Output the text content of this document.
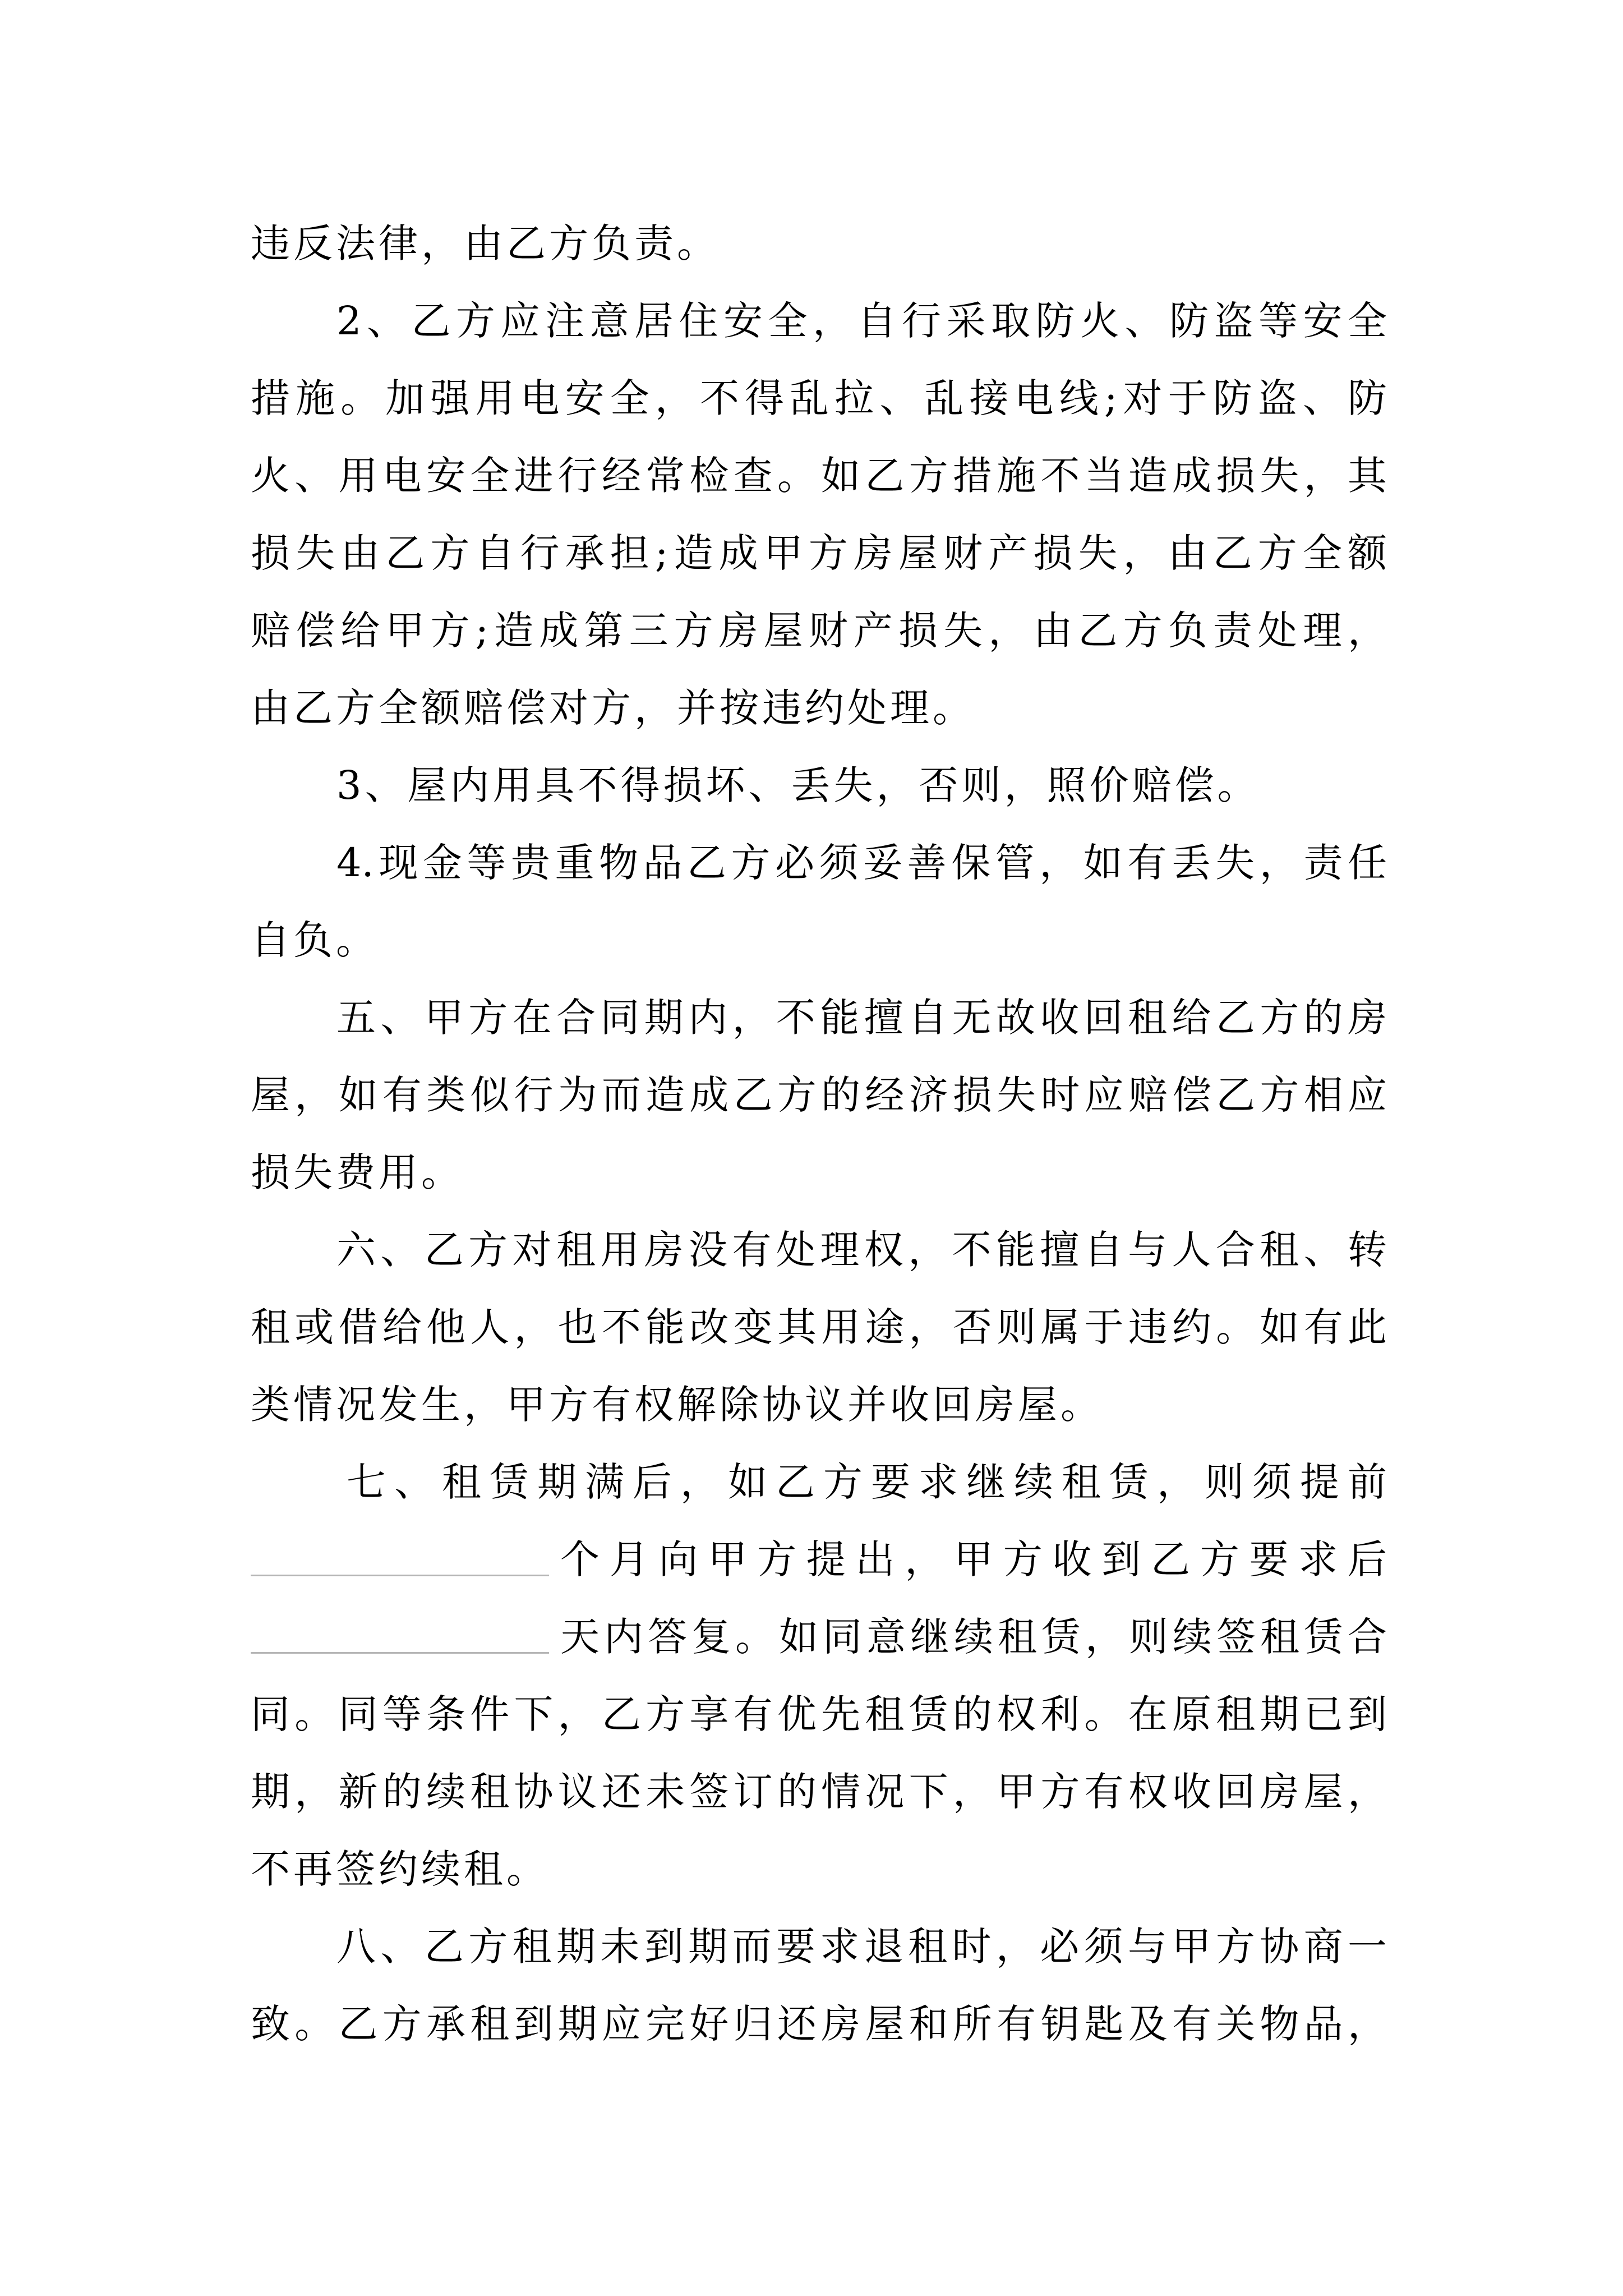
违反法律，由乙方负责。
2、乙方应注意居住安全，自行采取防火、防盗等安全
措施。加强用电安全，不得乱拉、乱接电线;对于防盗、防
火、用电安全进行经常检查。如乙方措施不当造成损失，其
损失由乙方自行承担;造成甲方房屋财产损失，由乙方全额
赔偿给甲方;造成第三方房屋财产损失，由乙方负责处理，
由乙方全额赔偿对方，并按违约处理。
3、屋内用具不得损坏、丢失，否则，照价赔偿。
4.现金等贵重物品乙方必须妥善保管，如有丢失，责任
自负。
五、甲方在合同期内，不能擅自无故收回租给乙方的房
屋，如有类似行为而造成乙方的经济损失时应赔偿乙方相应
损失费用。
六、乙方对租用房没有处理权，不能擅自与人合租、转
租或借给他人，也不能改变其用途，否则属于违约。如有此
类情况发生，甲方有权解除协议并收回房屋。
七、租赁期满后，如乙方要求继续租赁，则须提前
个月向甲方提出，甲方收到乙方要求后
天内答复。如同意继续租赁，则续签租赁合
同。同等条件下，乙方享有优先租赁的权利。在原租期已到
期，新的续租协议还未签订的情况下，甲方有权收回房屋，
不再签约续租。
八、乙方租期未到期而要求退租时，必须与甲方协商一
致。乙方承租到期应完好归还房屋和所有钥匙及有关物品，
